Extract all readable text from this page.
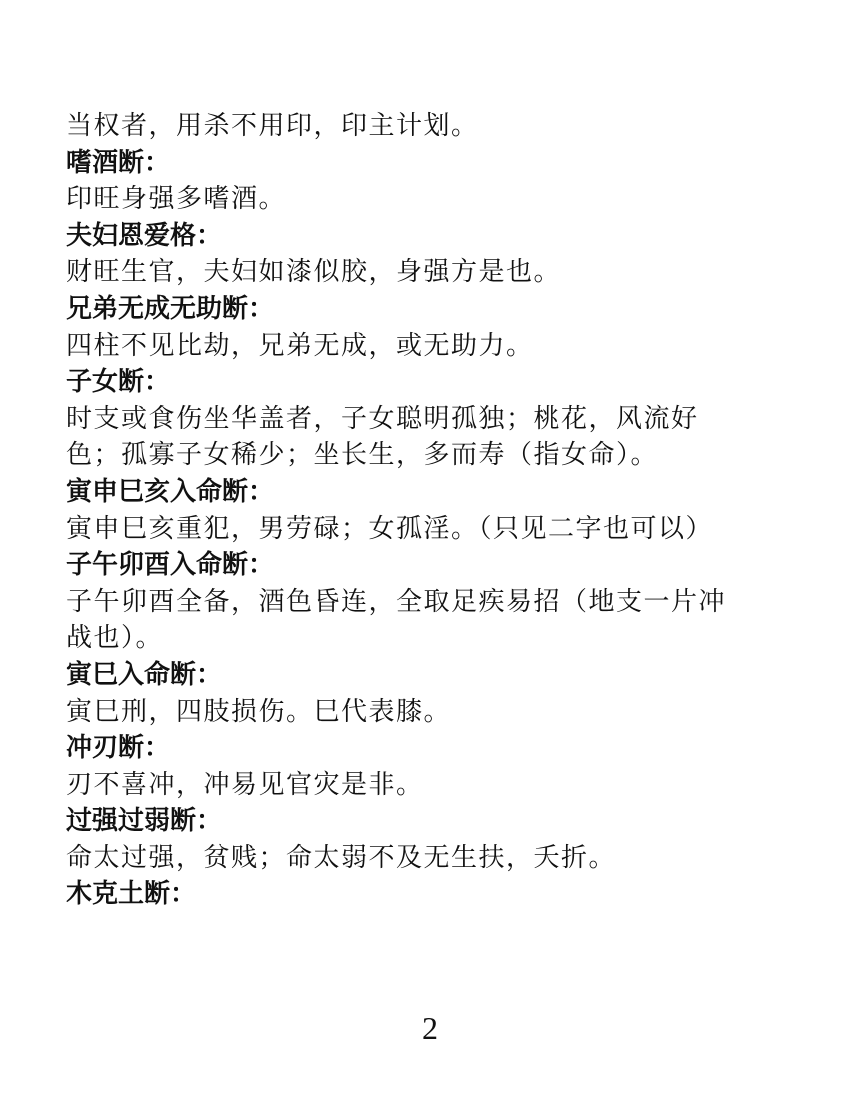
当权者，用杀不用印，印主计划。
嗜酒断：
印旺身强多嗜酒。
夫妇恩爱格：
财旺生官，夫妇如漆似胶，身强方是也。
兄弟无成无助断：
四柱不见比劫，兄弟无成，或无助力。
子女断：
时支或食伤坐华盖者，子女聪明孤独；桃花，风流好
色；孤寡子女稀少；坐长生，多而寿（指女命）。
寅申巳亥入命断：
寅申巳亥重犯，男劳碌；女孤淫。（只见二字也可以）
子午卯酉入命断：
子午卯酉全备，酒色昏连，全取足疾易招（地支一片冲
战也）。
寅巳入命断：
寅巳刑，四肢损伤。巳代表膝。
冲刃断：
刃不喜冲，冲易见官灾是非。
过强过弱断：
命太过强，贫贱；命太弱不及无生扶，夭折。
木克土断：
2
